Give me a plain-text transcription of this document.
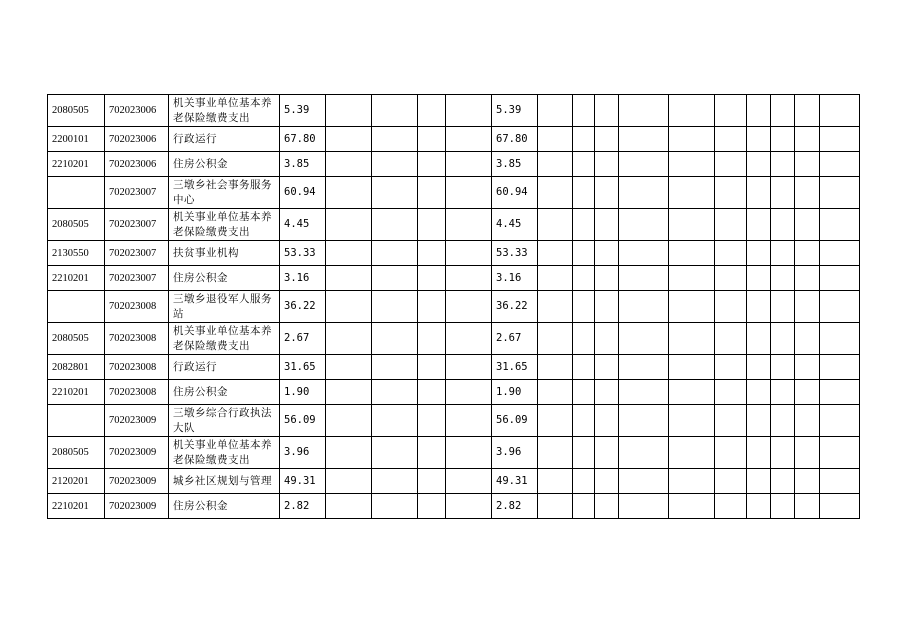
2080505	702023006	机关事业单位基本养老保险缴费支出	5.39					5.39										
2200101	702023006	行政运行	67.80					67.80										
2210201	702023006	住房公积金	3.85					3.85										
	702023007	三墩乡社会事务服务中心	60.94					60.94										
2080505	702023007	机关事业单位基本养老保险缴费支出	4.45					4.45										
2130550	702023007	扶贫事业机构	53.33					53.33										
2210201	702023007	住房公积金	3.16					3.16										
	702023008	三墩乡退役军人服务站	36.22					36.22										
2080505	702023008	机关事业单位基本养老保险缴费支出	2.67					2.67										
2082801	702023008	行政运行	31.65					31.65										
2210201	702023008	住房公积金	1.90					1.90										
	702023009	三墩乡综合行政执法大队	56.09					56.09										
2080505	702023009	机关事业单位基本养老保险缴费支出	3.96					3.96										
2120201	702023009	城乡社区规划与管理	49.31					49.31										
2210201	702023009	住房公积金	2.82					2.82										
